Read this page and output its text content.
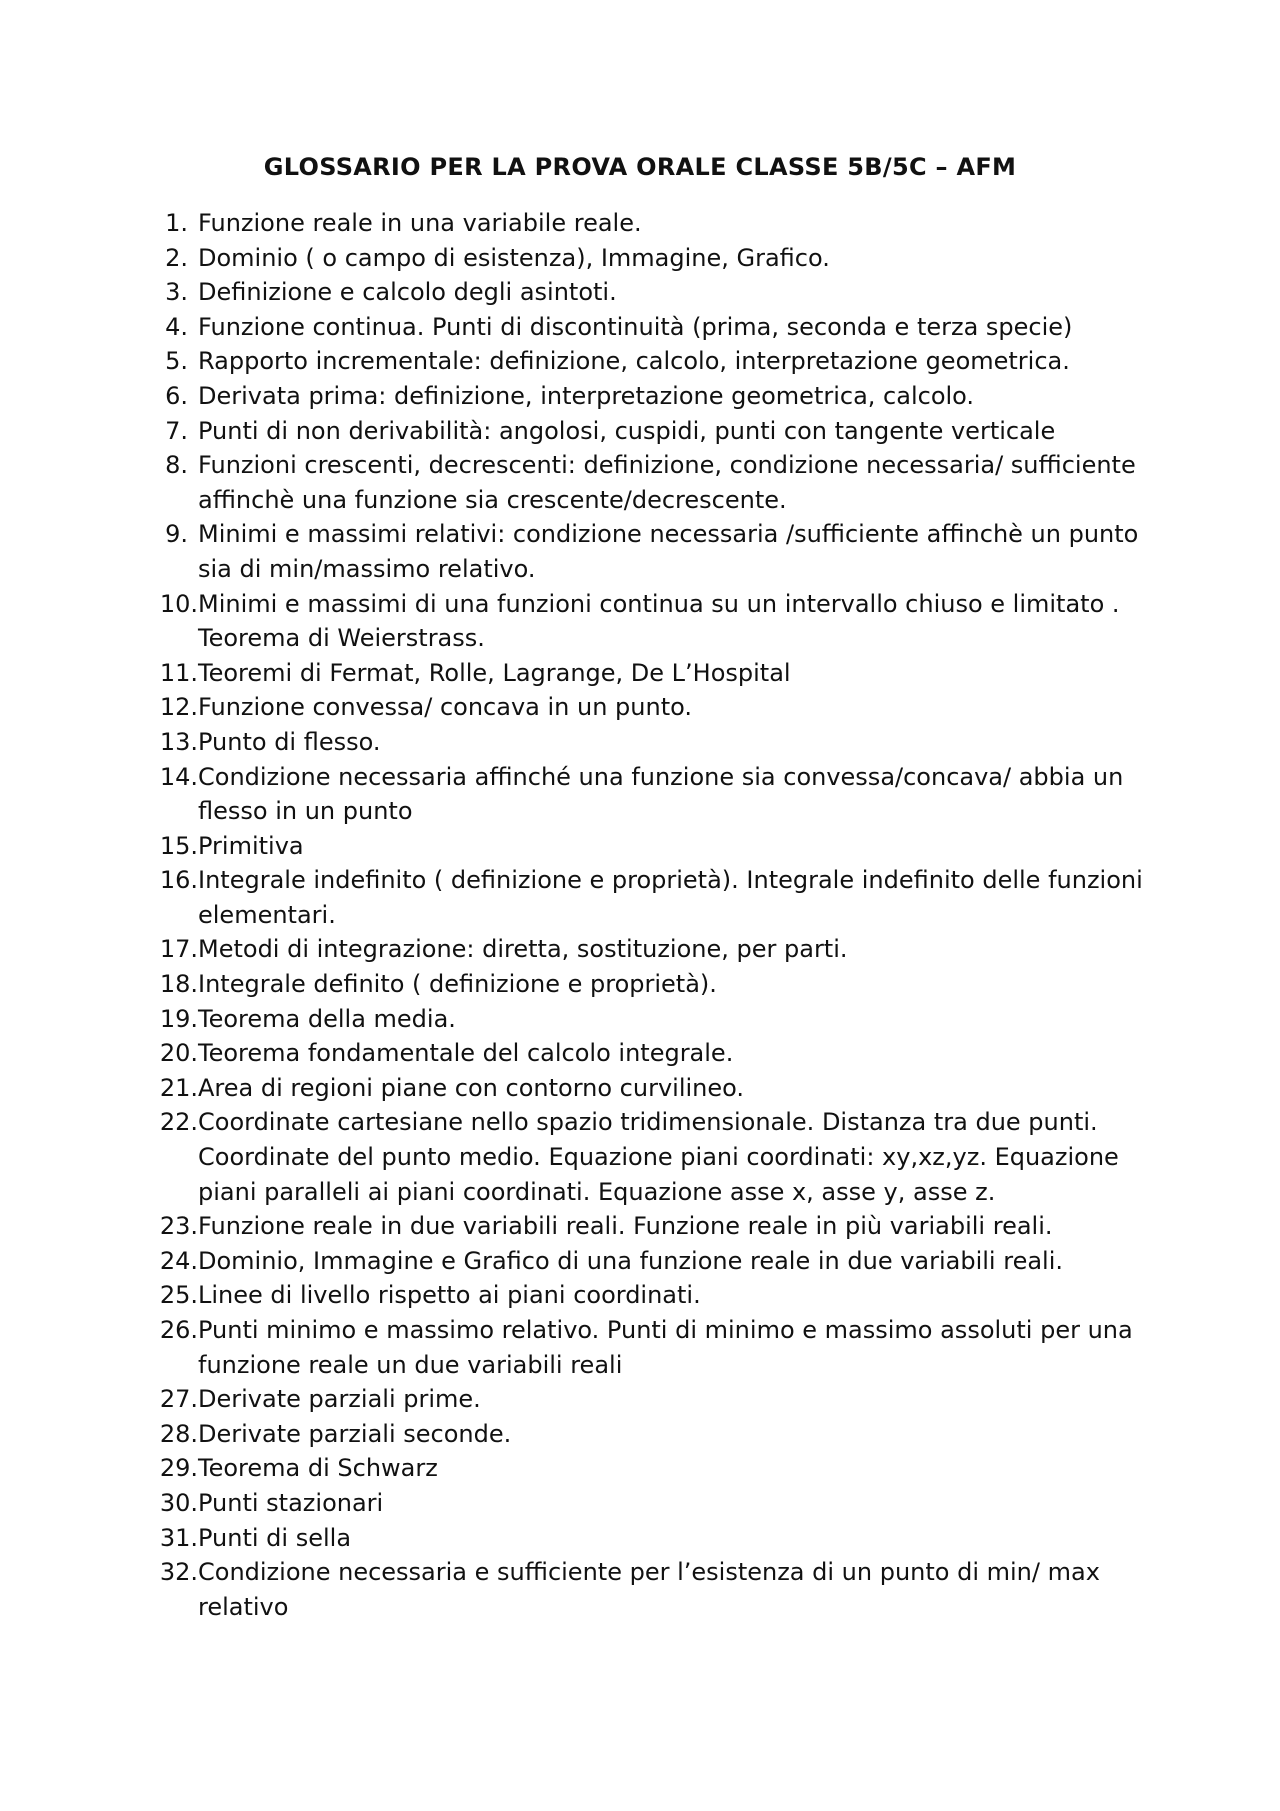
GLOSSARIO PER LA PROVA ORALE CLASSE 5B/5C – AFM
1. Funzione reale in una variabile reale.
2. Dominio ( o campo di esistenza), Immagine, Grafico.
3. Definizione e calcolo degli asintoti.
4. Funzione continua. Punti di discontinuità (prima, seconda e terza specie)
5. Rapporto incrementale: definizione, calcolo, interpretazione geometrica.
6. Derivata prima: definizione, interpretazione geometrica, calcolo.
7. Punti di non derivabilità: angolosi, cuspidi, punti con tangente verticale
8. Funzioni crescenti, decrescenti: definizione, condizione necessaria/ sufficiente affinchè una funzione sia crescente/decrescente.
9. Minimi e massimi relativi: condizione necessaria /sufficiente affinchè un punto sia di min/massimo relativo.
10. Minimi e massimi di una funzioni continua su un intervallo chiuso e limitato . Teorema di Weierstrass.
11. Teoremi di Fermat, Rolle, Lagrange, De L’Hospital
12. Funzione convessa/ concava in un punto.
13. Punto di flesso.
14. Condizione necessaria affinché una funzione sia convessa/concava/ abbia un flesso in un punto
15. Primitiva
16. Integrale indefinito ( definizione e proprietà). Integrale indefinito delle funzioni elementari.
17. Metodi di integrazione: diretta, sostituzione, per parti.
18. Integrale definito ( definizione e proprietà).
19. Teorema della media.
20. Teorema fondamentale del calcolo integrale.
21. Area di regioni piane con contorno curvilineo.
22. Coordinate cartesiane nello spazio tridimensionale. Distanza tra due punti. Coordinate del punto medio. Equazione piani coordinati: xy,xz,yz. Equazione piani paralleli ai piani coordinati. Equazione asse x, asse y, asse z.
23. Funzione reale in due variabili reali. Funzione reale in più variabili reali.
24. Dominio, Immagine e Grafico di una funzione reale in due variabili reali.
25. Linee di livello rispetto ai piani coordinati.
26. Punti minimo e massimo relativo. Punti di minimo e massimo assoluti per una funzione reale un due variabili reali
27. Derivate parziali prime.
28. Derivate parziali seconde.
29. Teorema di Schwarz
30. Punti stazionari
31. Punti di sella
32. Condizione necessaria e sufficiente per l’esistenza di un punto di min/ max relativo
